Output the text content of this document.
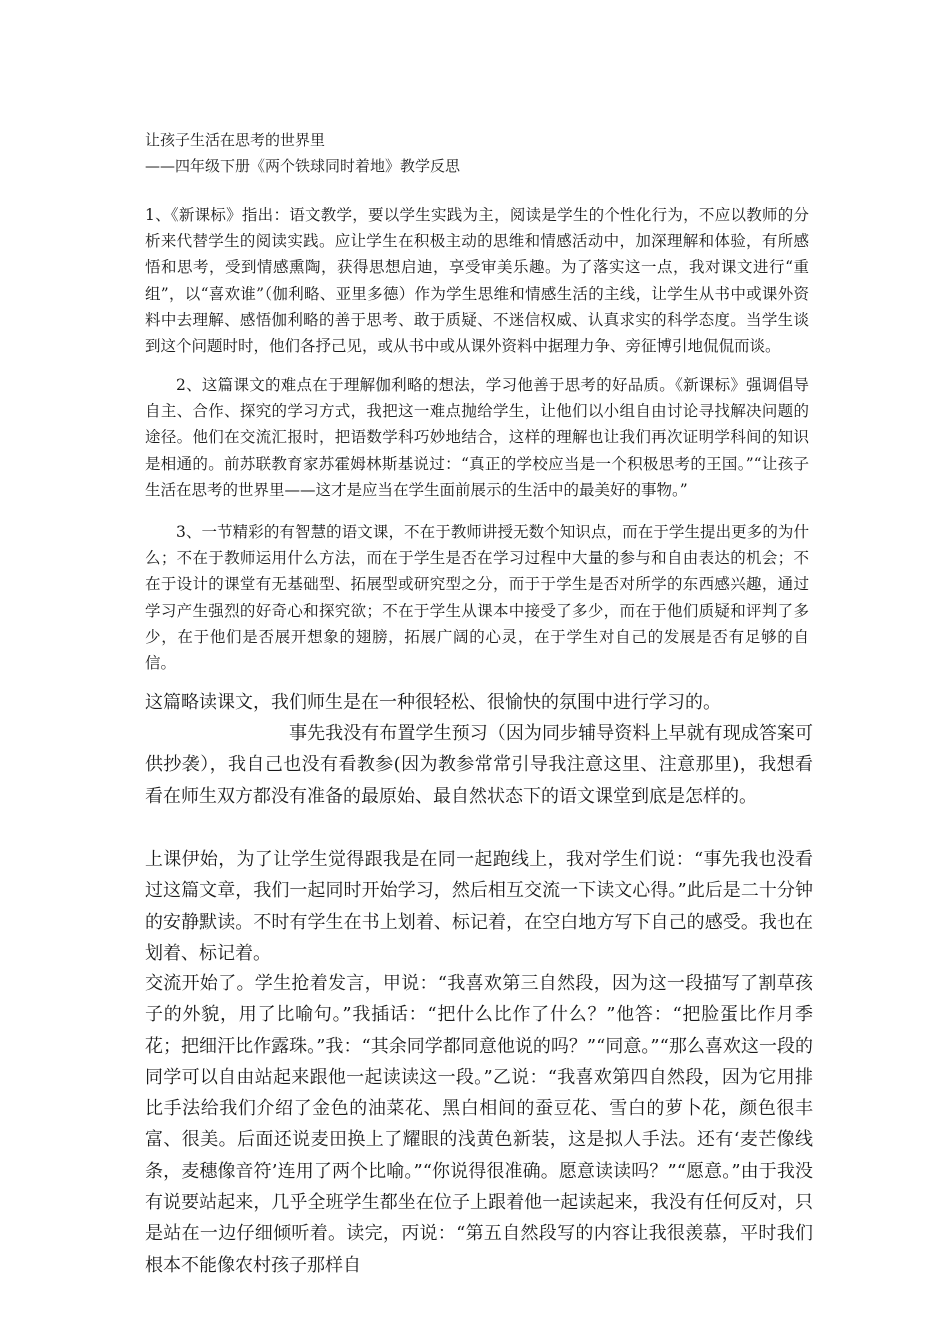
让孩子生活在思考的世界里
——四年级下册《两个铁球同时着地》教学反思

1、《新课标》指出：语文教学，要以学生实践为主，阅读是学生的个性化行为，不应以教师的分析来代替学生的阅读实践。应让学生在积极主动的思维和情感活动中，加深理解和体验，有所感悟和思考，受到情感熏陶，获得思想启迪，享受审美乐趣。为了落实这一点，我对课文进行“重组”，以“喜欢谁”（伽利略、亚里多德）作为学生思维和情感生活的主线，让学生从书中或课外资料中去理解、感悟伽利略的善于思考、敢于质疑、不迷信权威、认真求实的科学态度。当学生谈到这个问题时时，他们各抒己见，或从书中或从课外资料中据理力争、旁征博引地侃侃而谈。

2、这篇课文的难点在于理解伽利略的想法，学习他善于思考的好品质。《新课标》强调倡导自主、合作、探究的学习方式，我把这一难点抛给学生，让他们以小组自由讨论寻找解决问题的途径。他们在交流汇报时，把语数学科巧妙地结合，这样的理解也让我们再次证明学科间的知识是相通的。前苏联教育家苏霍姆林斯基说过：“真正的学校应当是一个积极思考的王国。”“让孩子生活在思考的世界里——这才是应当在学生面前展示的生活中的最美好的事物。”

3、一节精彩的有智慧的语文课，不在于教师讲授无数个知识点，而在于学生提出更多的为什么；不在于教师运用什么方法，而在于学生是否在学习过程中大量的参与和自由表达的机会；不在于设计的课堂有无基础型、拓展型或研究型之分，而于于学生是否对所学的东西感兴趣，通过学习产生强烈的好奇心和探究欲；不在于学生从课本中接受了多少，而在于他们质疑和评判了多少，在于他们是否展开想象的翅膀，拓展广阔的心灵，在于学生对自己的发展是否有足够的自信。

这篇略读课文，我们师生是在一种很轻松、很愉快的氛围中进行学习的。

事先我没有布置学生预习（因为同步辅导资料上早就有现成答案可供抄袭），我自己也没有看教参(因为教参常常引导我注意这里、注意那里)，我想看看在师生双方都没有准备的最原始、最自然状态下的语文课堂到底是怎样的。

上课伊始，为了让学生觉得跟我是在同一起跑线上，我对学生们说：“事先我也没看过这篇文章，我们一起同时开始学习，然后相互交流一下读文心得。”此后是二十分钟的安静默读。不时有学生在书上划着、标记着，在空白地方写下自己的感受。我也在划着、标记着。

交流开始了。学生抢着发言，甲说：“我喜欢第三自然段，因为这一段描写了割草孩子的外貌，用了比喻句。”我插话：“把什么比作了什么？”他答：“把脸蛋比作月季花；把细汗比作露珠。”我：“其余同学都同意他说的吗？”“同意。”“那么喜欢这一段的同学可以自由站起来跟他一起读读这一段。”乙说：“我喜欢第四自然段，因为它用排比手法给我们介绍了金色的油菜花、黑白相间的蚕豆花、雪白的萝卜花，颜色很丰富、很美。后面还说麦田换上了耀眼的浅黄色新装，这是拟人手法。还有‘麦芒像线条，麦穗像音符’连用了两个比喻。”“你说得很准确。愿意读读吗？”“愿意。”由于我没有说要站起来，几乎全班学生都坐在位子上跟着他一起读起来，我没有任何反对，只是站在一边仔细倾听着。读完，丙说：“第五自然段写的内容让我很羡慕，平时我们根本不能像农村孩子那样自
